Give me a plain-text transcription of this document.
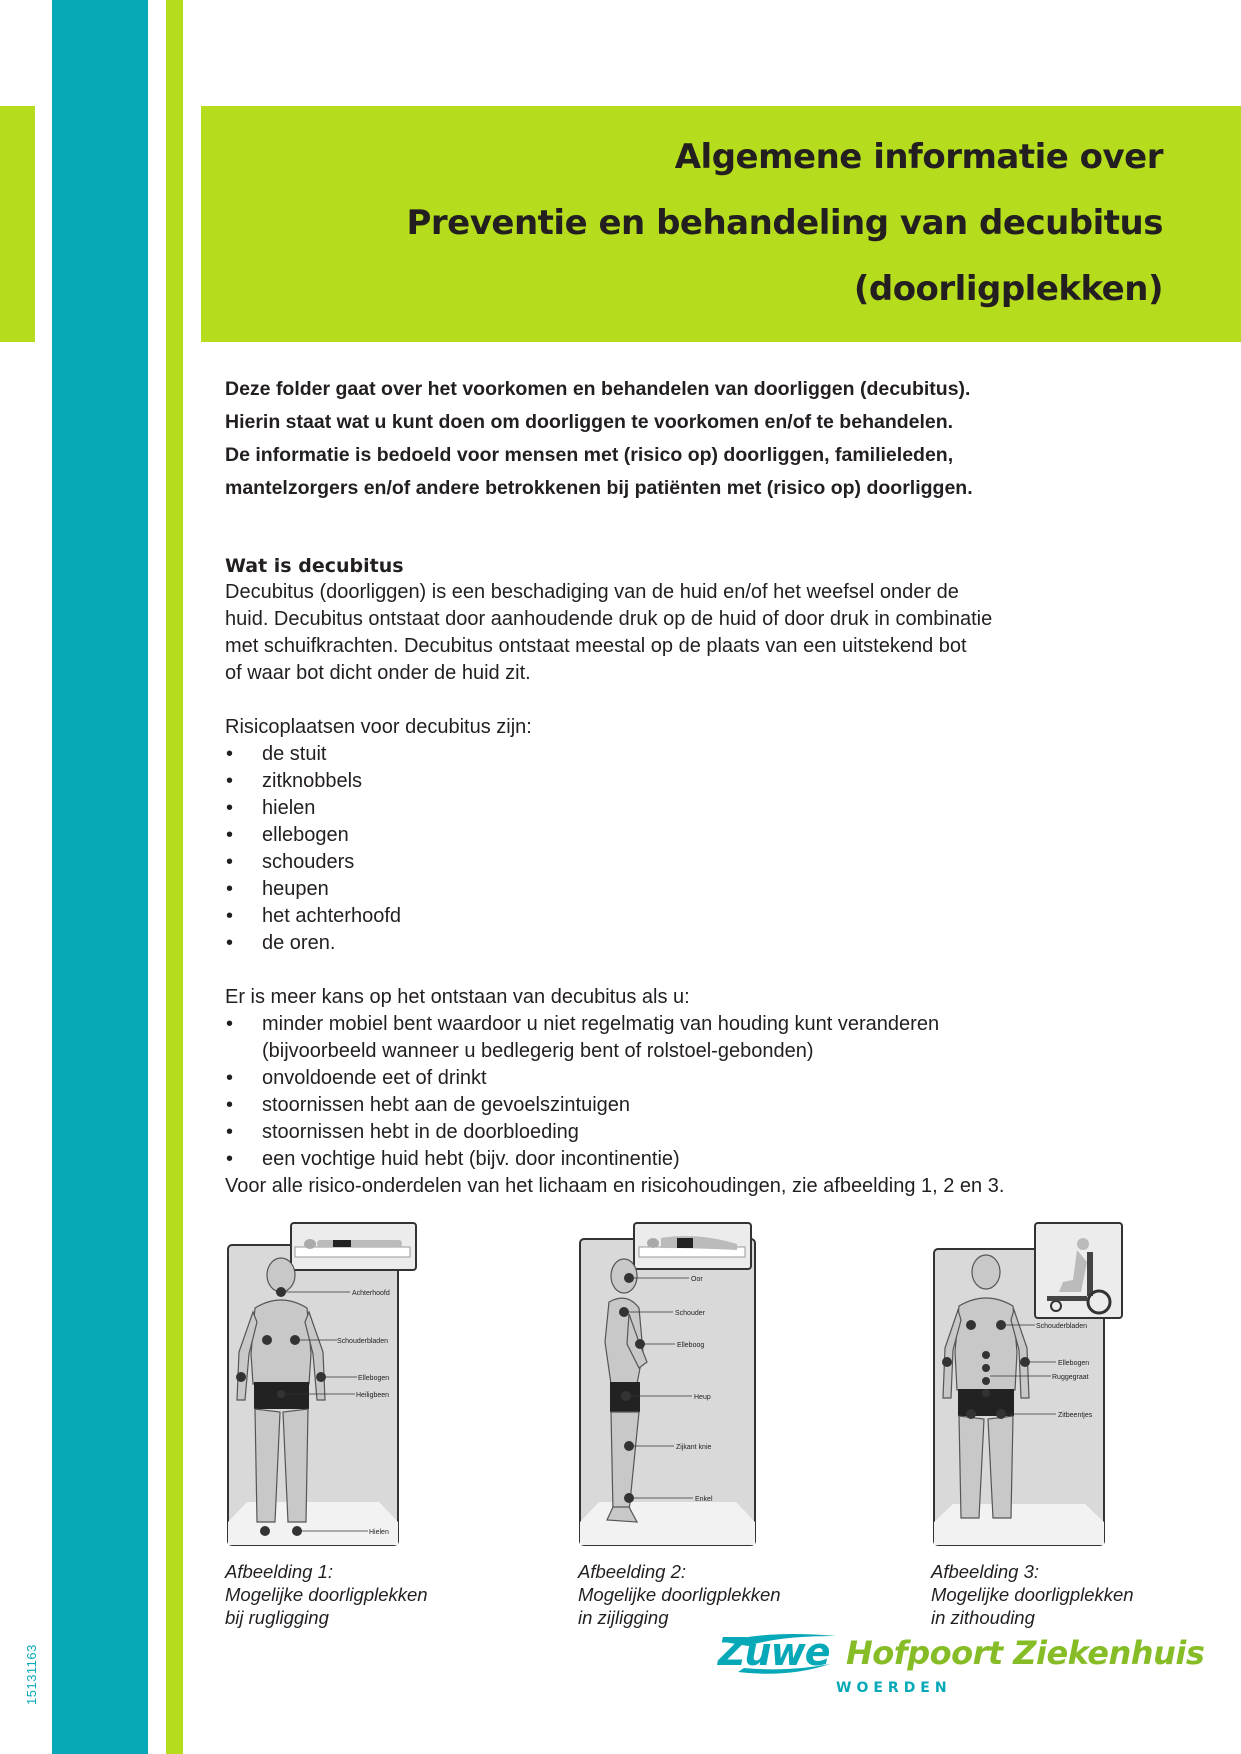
15131163
Algemene informatie over
Preventie en behandeling van decubitus
(doorligplekken)
Deze folder gaat over het voorkomen en behandelen van doorliggen (decubitus).
Hierin staat wat u kunt doen om doorliggen te voorkomen en/of te behandelen.
De informatie is bedoeld voor mensen met (risico op) doorliggen, familieleden,
mantelzorgers en/of andere betrokkenen bij patiënten met (risico op) doorliggen.
Wat is decubitus
Decubitus (doorliggen) is een beschadiging van de huid en/of het weefsel onder de
huid. Decubitus ontstaat door aanhoudende druk op de huid of door druk in combinatie
met schuifkrachten. Decubitus ontstaat meestal op de plaats van een uitstekend bot
of waar bot dicht onder de huid zit.
Risicoplaatsen voor decubitus zijn:
• de stuit
• zitknobbels
• hielen
• ellebogen
• schouders
• heupen
• het achterhoofd
• de oren.
Er is meer kans op het ontstaan van decubitus als u:
• minder mobiel bent waardoor u niet regelmatig van houding kunt veranderen
(bijvoorbeeld wanneer u bedlegerig bent of rolstoel-gebonden)
• onvoldoende eet of drinkt
• stoornissen hebt aan de gevoelszintuigen
• stoornissen hebt in de doorbloeding
• een vochtige huid hebt (bijv. door incontinentie)
Voor alle risico-onderdelen van het lichaam en risicohoudingen, zie afbeelding 1, 2 en 3.
Achterhoofd
Schouderbladen
Ellebogen
Heiligbeen
Hielen
Afbeelding 1:
Mogelijke doorligplekken
bij rugligging
Oor
Schouder
Elleboog
Heup
Zijkant knie
Enkel
Afbeelding 2:
Mogelijke doorligplekken
in zijligging
Schouderbladen
Ellebogen
Ruggegraat
Zitbeentjes
Afbeelding 3:
Mogelijke doorligplekken
in zithouding
Zuwe Hofpoort Ziekenhuis
WOERDEN
